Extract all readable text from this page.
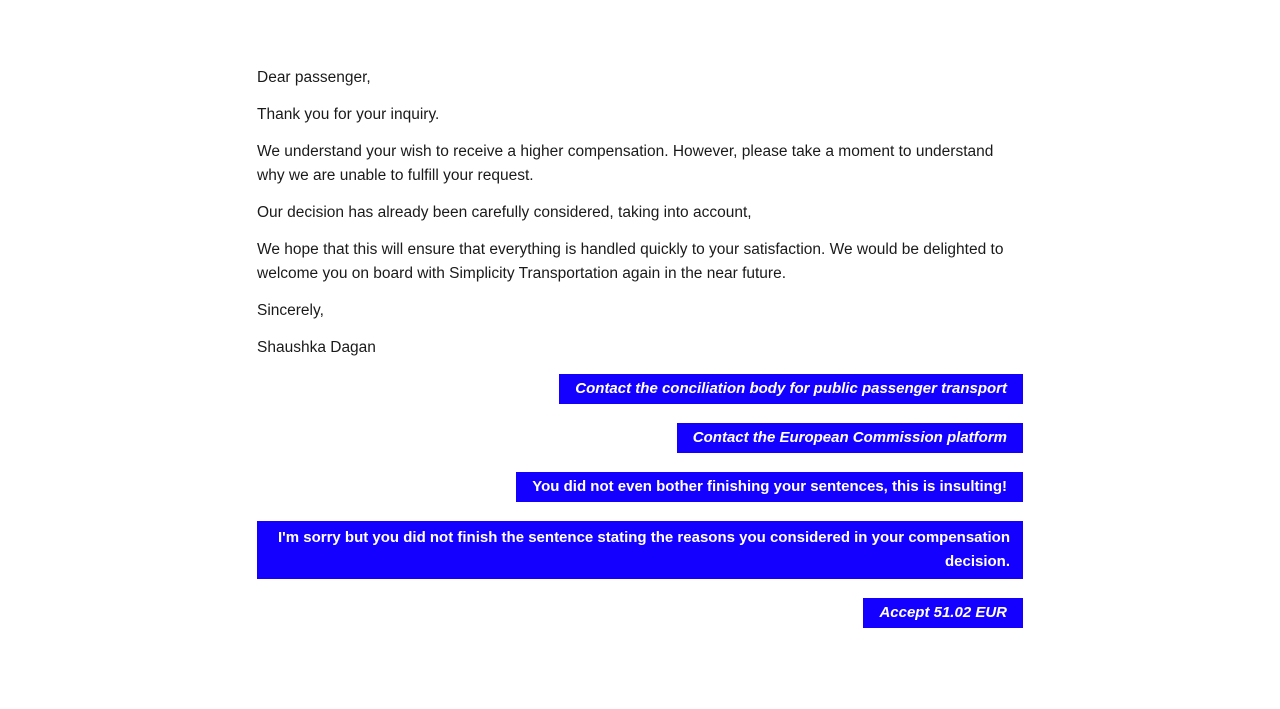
Dear passenger,

Thank you for your inquiry.

We understand your wish to receive a higher compensation. However, please take a moment to understand why we are unable to fulfill your request.

Our decision has already been carefully considered, taking into account,

We hope that this will ensure that everything is handled quickly to your satisfaction. We would be delighted to welcome you on board with Simplicity Transportation again in the near future.

Sincerely,

Shaushka Dagan

Contact the conciliation body for public passenger transport
Contact the European Commission platform
You did not even bother finishing your sentences, this is insulting!
I'm sorry but you did not finish the sentence stating the reasons you considered in your compensation decision.
Accept 51.02 EUR
